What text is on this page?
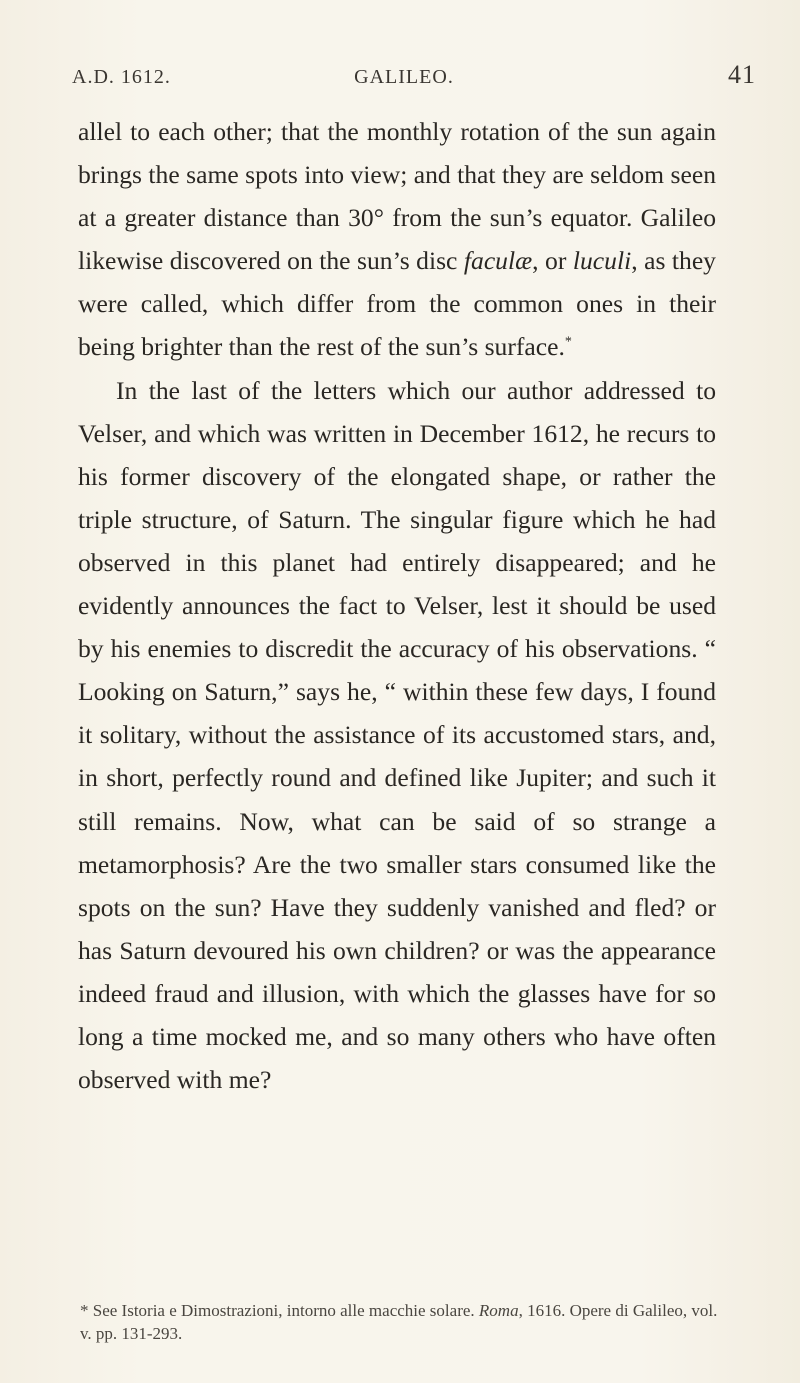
A.D. 1612.	GALILEO.	41

allel to each other; that the monthly rotation of the sun again brings the same spots into view; and that they are seldom seen at a greater distance than 30° from the sun’s equator. Galileo likewise discovered on the sun’s disc faculæ, or luculi, as they were called, which differ from the common ones in their being brighter than the rest of the sun’s surface.*

In the last of the letters which our author addressed to Velser, and which was written in December 1612, he recurs to his former discovery of the elongated shape, or rather the triple structure, of Saturn. The singular figure which he had observed in this planet had entirely disappeared; and he evidently announces the fact to Velser, lest it should be used by his enemies to discredit the accuracy of his observations. “ Looking on Saturn,” says he, “ within these few days, I found it solitary, without the assistance of its accustomed stars, and, in short, perfectly round and defined like Jupiter; and such it still remains. Now, what can be said of so strange a metamorphosis? Are the two smaller stars consumed like the spots on the sun? Have they suddenly vanished and fled? or has Saturn devoured his own children? or was the appearance indeed fraud and illusion, with which the glasses have for so long a time mocked me, and so many others who have often observed with me?

* See Istoria e Dimostrazioni, intorno alle macchie solare. Roma, 1616. Opere di Galileo, vol. v. pp. 131-293.
